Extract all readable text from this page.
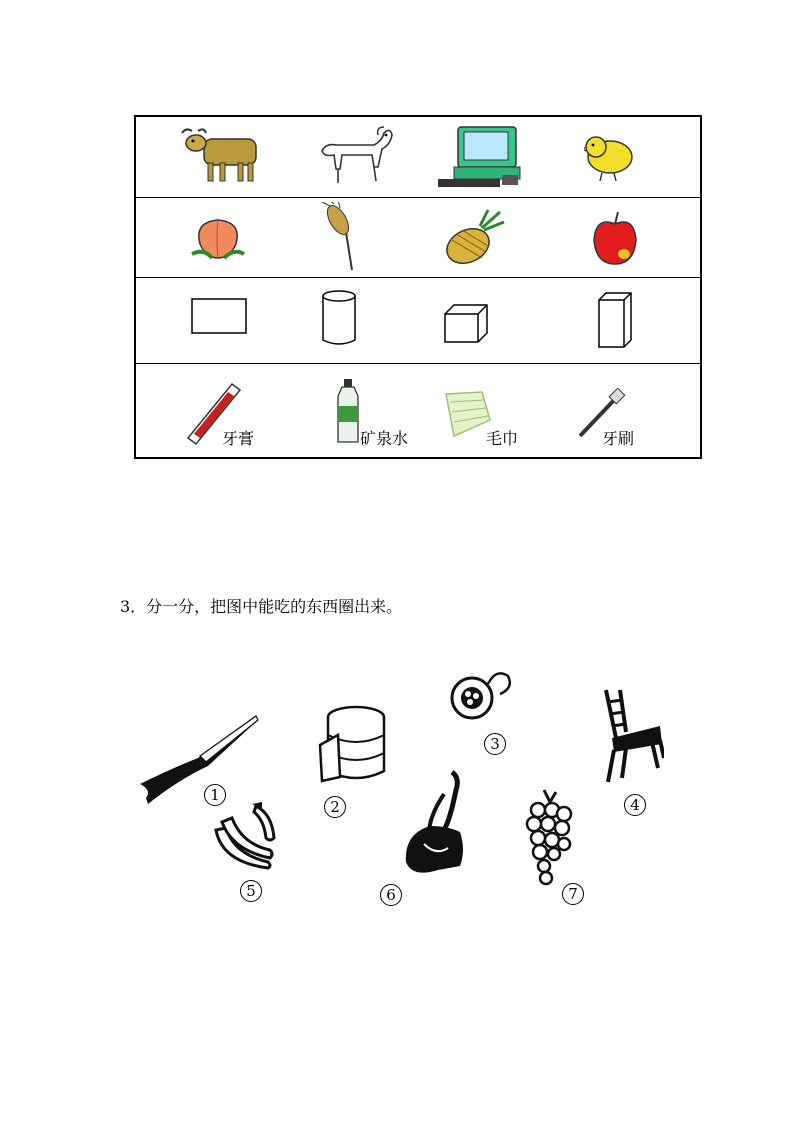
牙膏	矿泉水	毛巾	牙刷
3．分一分，把图中能吃的东西圈出来。
1
2
3
4
5	6	7
